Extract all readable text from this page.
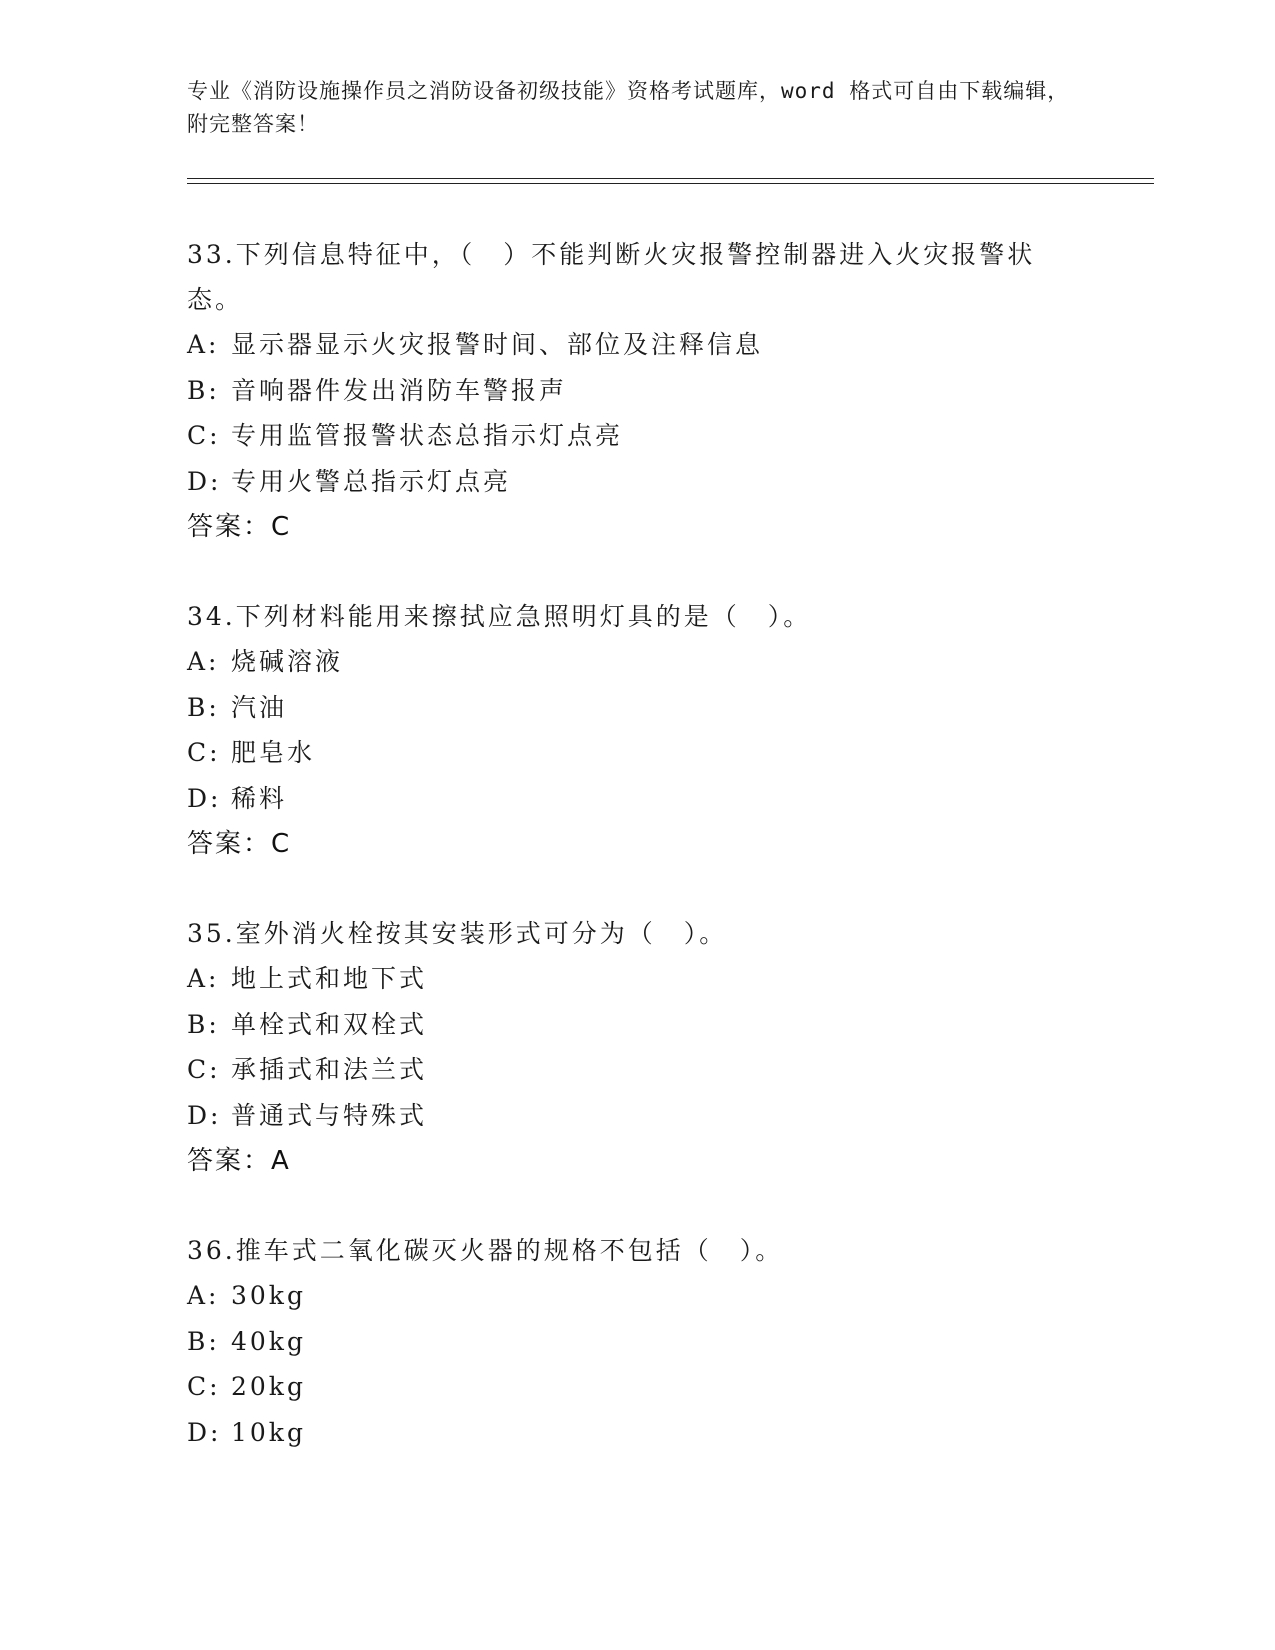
专业《消防设施操作员之消防设备初级技能》资格考试题库，word 格式可自由下载编辑，附完整答案！

33.下列信息特征中，（　）不能判断火灾报警控制器进入火灾报警状态。

A: 显示器显示火灾报警时间、部位及注释信息

B: 音响器件发出消防车警报声

C: 专用监管报警状态总指示灯点亮

D: 专用火警总指示灯点亮

答案：C

34.下列材料能用来擦拭应急照明灯具的是（　）。

A: 烧碱溶液

B: 汽油

C: 肥皂水

D: 稀料

答案：C

35.室外消火栓按其安装形式可分为（　）。

A: 地上式和地下式

B: 单栓式和双栓式

C: 承插式和法兰式

D: 普通式与特殊式

答案：A

36.推车式二氧化碳灭火器的规格不包括（　）。

A: 30kg

B: 40kg

C: 20kg

D: 10kg
